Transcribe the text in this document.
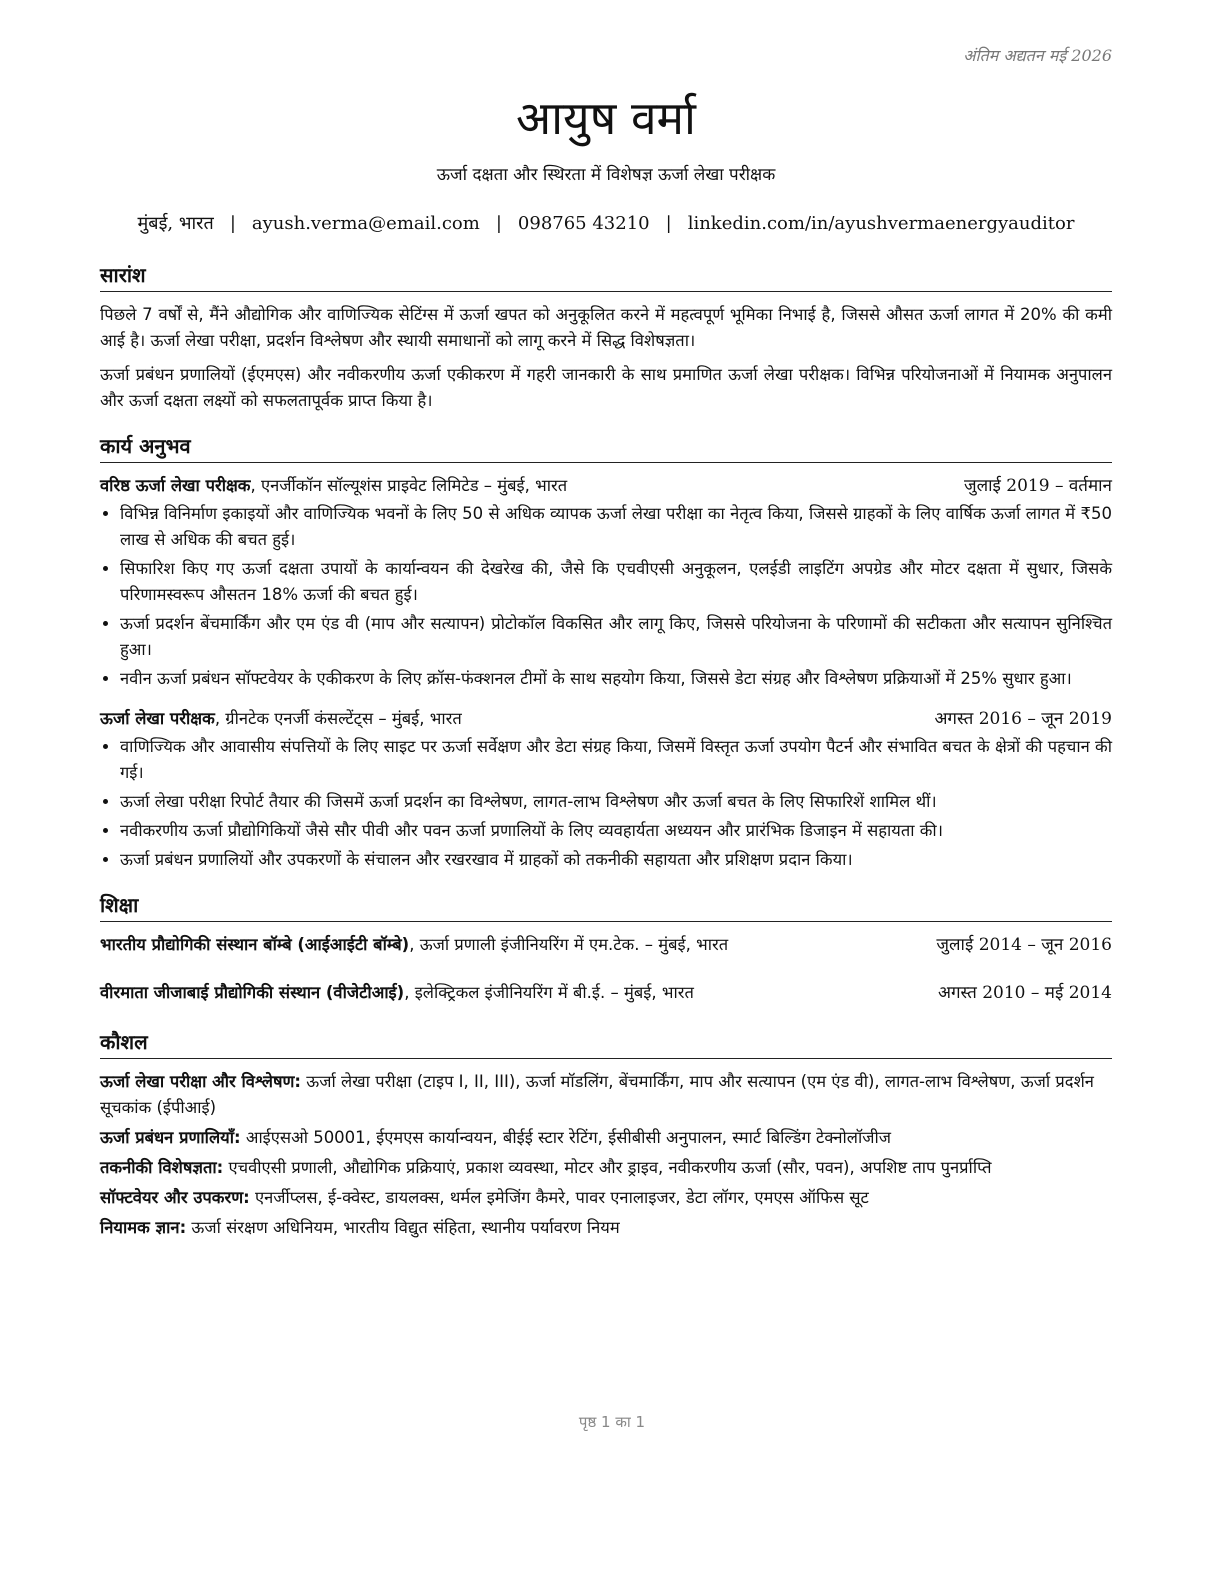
अंतिम अद्यतन मई 2026
आयुष वर्मा
ऊर्जा दक्षता और स्थिरता में विशेषज्ञ ऊर्जा लेखा परीक्षक
मुंबई, भारत | ayush.verma@email.com | 098765 43210 | linkedin.com/in/ayushvermaenergyauditor
सारांश

पिछले 7 वर्षों से, मैंने औद्योगिक और वाणिज्यिक सेटिंग्स में ऊर्जा खपत को अनुकूलित करने में महत्वपूर्ण भूमिका निभाई है, जिससे औसत ऊर्जा लागत में 20% की कमी आई है। ऊर्जा लेखा परीक्षा, प्रदर्शन विश्लेषण और स्थायी समाधानों को लागू करने में सिद्ध विशेषज्ञता।

ऊर्जा प्रबंधन प्रणालियों (ईएमएस) और नवीकरणीय ऊर्जा एकीकरण में गहरी जानकारी के साथ प्रमाणित ऊर्जा लेखा परीक्षक। विभिन्न परियोजनाओं में नियामक अनुपालन और ऊर्जा दक्षता लक्ष्यों को सफलतापूर्वक प्राप्त किया है।

कार्य अनुभव
वरिष्ठ ऊर्जा लेखा परीक्षक, एनर्जीकॉन सॉल्यूशंस प्राइवेट लिमिटेड – मुंबई, भारत	जुलाई 2019 – वर्तमान
• विभिन्न विनिर्माण इकाइयों और वाणिज्यिक भवनों के लिए 50 से अधिक व्यापक ऊर्जा लेखा परीक्षा का नेतृत्व किया, जिससे ग्राहकों के लिए वार्षिक ऊर्जा लागत में ₹50 लाख से अधिक की बचत हुई।
• सिफारिश किए गए ऊर्जा दक्षता उपायों के कार्यान्वयन की देखरेख की, जैसे कि एचवीएसी अनुकूलन, एलईडी लाइटिंग अपग्रेड और मोटर दक्षता में सुधार, जिसके परिणामस्वरूप औसतन 18% ऊर्जा की बचत हुई।
• ऊर्जा प्रदर्शन बेंचमार्किंग और एम एंड वी (माप और सत्यापन) प्रोटोकॉल विकसित और लागू किए, जिससे परियोजना के परिणामों की सटीकता और सत्यापन सुनिश्चित हुआ।
• नवीन ऊर्जा प्रबंधन सॉफ्टवेयर के एकीकरण के लिए क्रॉस-फंक्शनल टीमों के साथ सहयोग किया, जिससे डेटा संग्रह और विश्लेषण प्रक्रियाओं में 25% सुधार हुआ।
ऊर्जा लेखा परीक्षक, ग्रीनटेक एनर्जी कंसल्टेंट्स – मुंबई, भारत	अगस्त 2016 – जून 2019
• वाणिज्यिक और आवासीय संपत्तियों के लिए साइट पर ऊर्जा सर्वेक्षण और डेटा संग्रह किया, जिसमें विस्तृत ऊर्जा उपयोग पैटर्न और संभावित बचत के क्षेत्रों की पहचान की गई।
• ऊर्जा लेखा परीक्षा रिपोर्ट तैयार की जिसमें ऊर्जा प्रदर्शन का विश्लेषण, लागत-लाभ विश्लेषण और ऊर्जा बचत के लिए सिफारिशें शामिल थीं।
• नवीकरणीय ऊर्जा प्रौद्योगिकियों जैसे सौर पीवी और पवन ऊर्जा प्रणालियों के लिए व्यवहार्यता अध्ययन और प्रारंभिक डिजाइन में सहायता की।
• ऊर्जा प्रबंधन प्रणालियों और उपकरणों के संचालन और रखरखाव में ग्राहकों को तकनीकी सहायता और प्रशिक्षण प्रदान किया।
शिक्षा
भारतीय प्रौद्योगिकी संस्थान बॉम्बे (आईआईटी बॉम्बे), ऊर्जा प्रणाली इंजीनियरिंग में एम.टेक. – मुंबई, भारत	जुलाई 2014 – जून 2016
वीरमाता जीजाबाई प्रौद्योगिकी संस्थान (वीजेटीआई), इलेक्ट्रिकल इंजीनियरिंग में बी.ई. – मुंबई, भारत	अगस्त 2010 – मई 2014
कौशल
ऊर्जा लेखा परीक्षा और विश्लेषण: ऊर्जा लेखा परीक्षा (टाइप I, II, III), ऊर्जा मॉडलिंग, बेंचमार्किंग, माप और सत्यापन (एम एंड वी), लागत-लाभ विश्लेषण, ऊर्जा प्रदर्शन सूचकांक (ईपीआई)
ऊर्जा प्रबंधन प्रणालियाँ: आईएसओ 50001, ईएमएस कार्यान्वयन, बीईई स्टार रेटिंग, ईसीबीसी अनुपालन, स्मार्ट बिल्डिंग टेक्नोलॉजीज
तकनीकी विशेषज्ञता: एचवीएसी प्रणाली, औद्योगिक प्रक्रियाएं, प्रकाश व्यवस्था, मोटर और ड्राइव, नवीकरणीय ऊर्जा (सौर, पवन), अपशिष्ट ताप पुनर्प्राप्ति
सॉफ्टवेयर और उपकरण: एनर्जीप्लस, ई-क्वेस्ट, डायलक्स, थर्मल इमेजिंग कैमरे, पावर एनालाइजर, डेटा लॉगर, एमएस ऑफिस सूट
नियामक ज्ञान: ऊर्जा संरक्षण अधिनियम, भारतीय विद्युत संहिता, स्थानीय पर्यावरण नियम
पृष्ठ 1 का 1
